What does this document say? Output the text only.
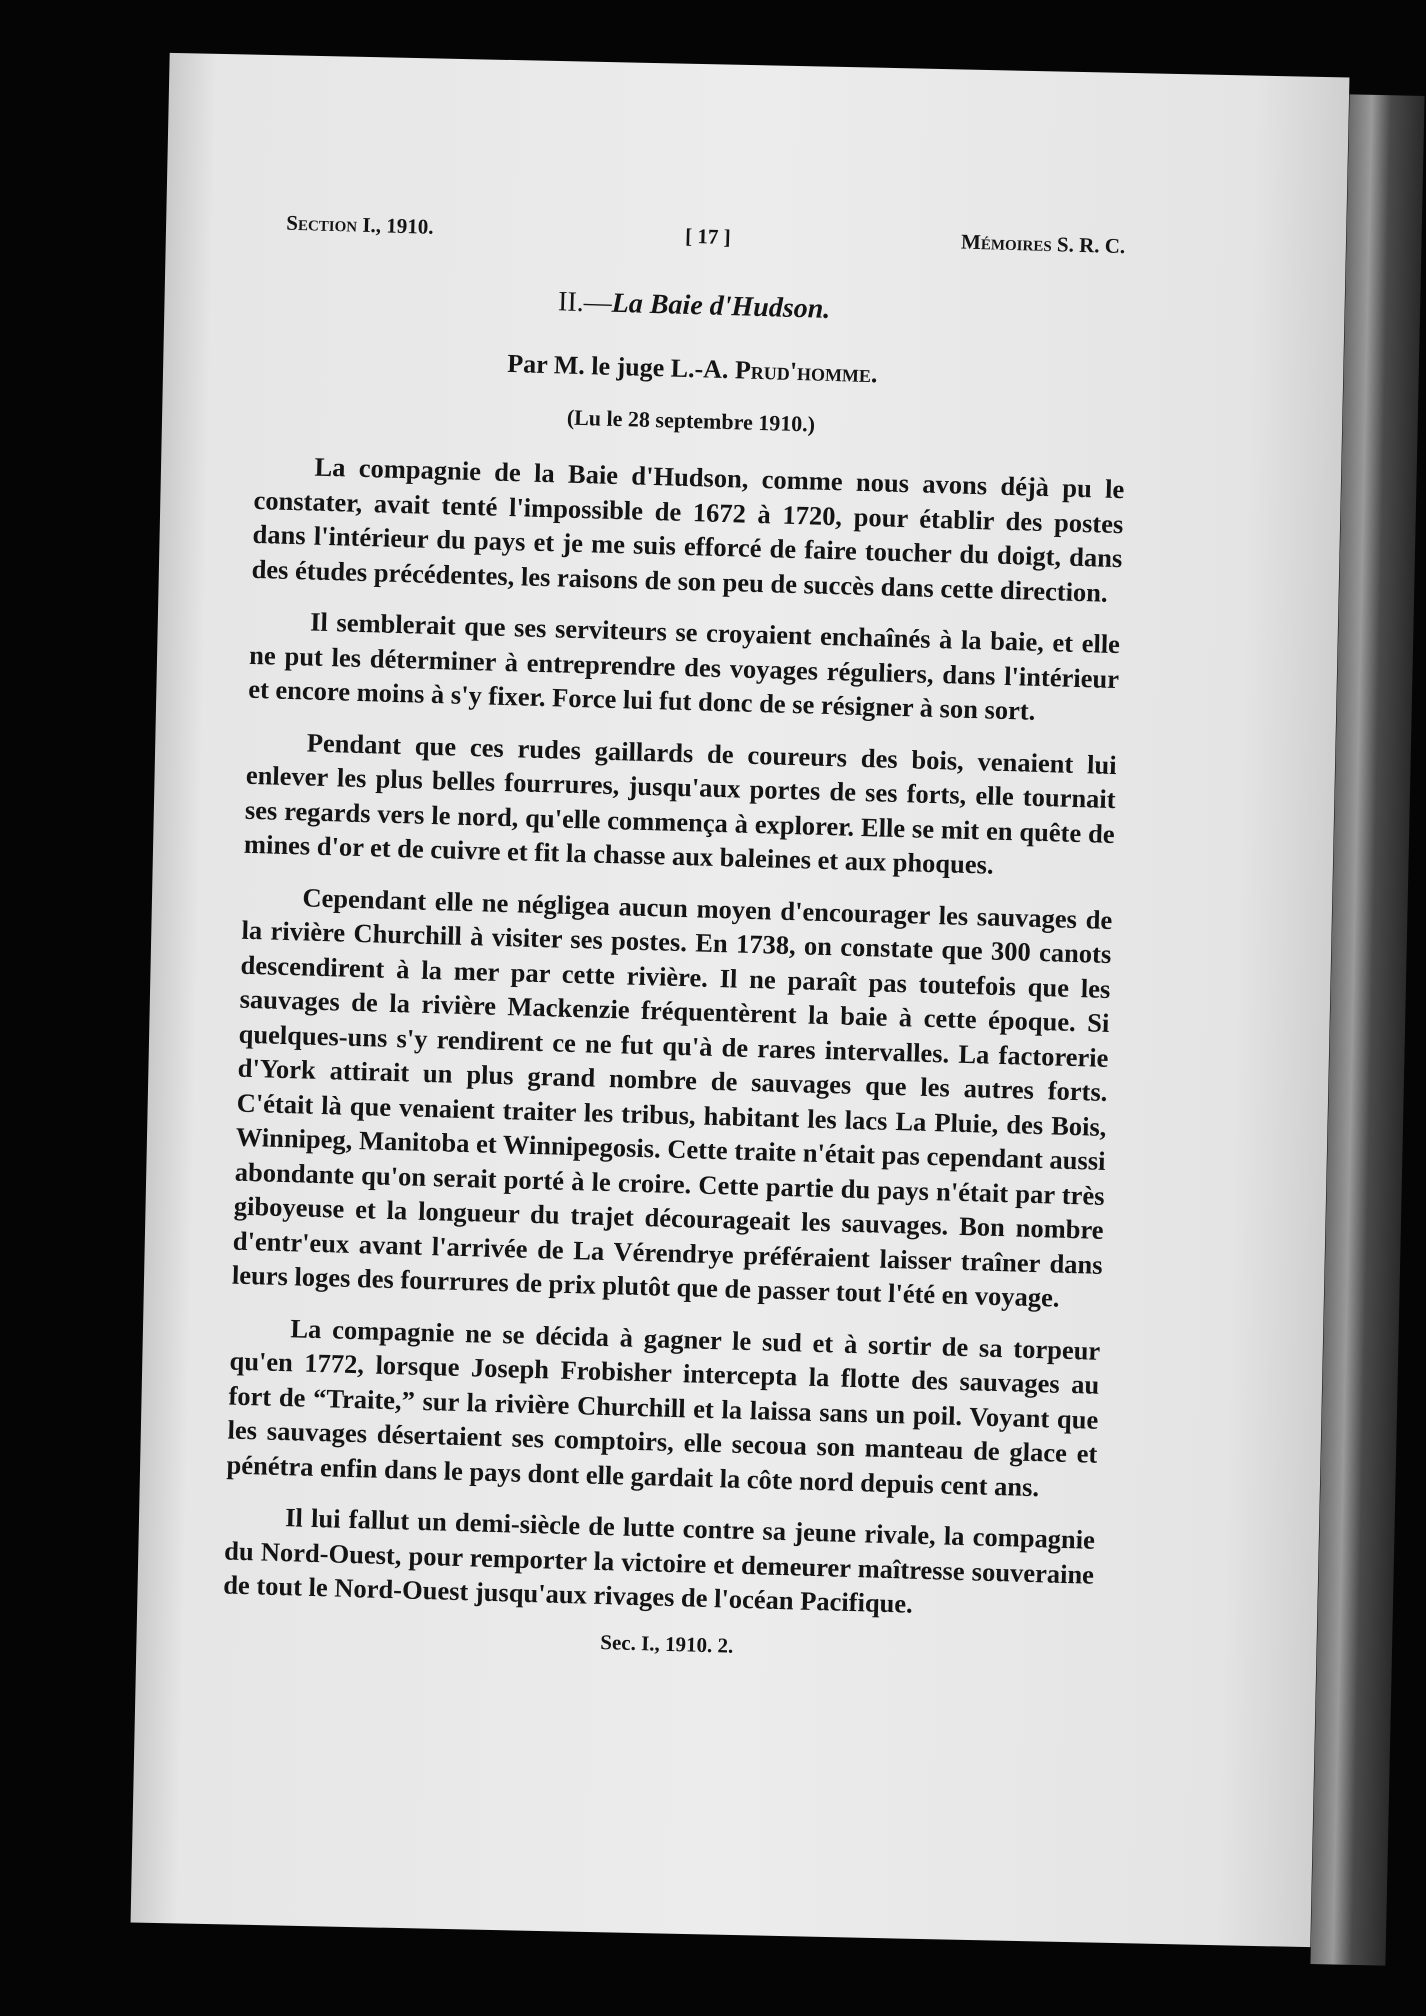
Section I., 1910.	[ 17 ]	Mémoires S. R. C.
II.—La Baie d'Hudson.
Par M. le juge L.-A. Prud'homme.
(Lu le 28 septembre 1910.)

La compagnie de la Baie d'Hudson, comme nous avons déjà pu le constater, avait tenté l'impossible de 1672 à 1720, pour établir des postes dans l'intérieur du pays et je me suis efforcé de faire toucher du doigt, dans des études précédentes, les raisons de son peu de succès dans cette direction.

Il semblerait que ses serviteurs se croyaient enchaînés à la baie, et elle ne put les déterminer à entreprendre des voyages réguliers, dans l'intérieur et encore moins à s'y fixer. Force lui fut donc de se résigner à son sort.

Pendant que ces rudes gaillards de coureurs des bois, venaient lui enlever les plus belles fourrures, jusqu'aux portes de ses forts, elle tournait ses regards vers le nord, qu'elle commença à explorer. Elle se mit en quête de mines d'or et de cuivre et fit la chasse aux baleines et aux phoques.

Cependant elle ne négligea aucun moyen d'encourager les sauvages de la rivière Churchill à visiter ses postes. En 1738, on constate que 300 canots descendirent à la mer par cette rivière. Il ne paraît pas toutefois que les sauvages de la rivière Mackenzie fréquentèrent la baie à cette époque. Si quelques-uns s'y rendirent ce ne fut qu'à de rares intervalles. La factorerie d'York attirait un plus grand nombre de sauvages que les autres forts. C'était là que venaient traiter les tribus, habitant les lacs La Pluie, des Bois, Winnipeg, Manitoba et Winnipegosis. Cette traite n'était pas cependant aussi abondante qu'on serait porté à le croire. Cette partie du pays n'était par très giboyeuse et la longueur du trajet décourageait les sauvages. Bon nombre d'entr'eux avant l'arrivée de La Vérendrye préféraient laisser traîner dans leurs loges des fourrures de prix plutôt que de passer tout l'été en voyage.

La compagnie ne se décida à gagner le sud et à sortir de sa torpeur qu'en 1772, lorsque Joseph Frobisher intercepta la flotte des sauvages au fort de “Traite,” sur la rivière Churchill et la laissa sans un poil. Voyant que les sauvages désertaient ses comptoirs, elle secoua son manteau de glace et pénétra enfin dans le pays dont elle gardait la côte nord depuis cent ans.

Il lui fallut un demi-siècle de lutte contre sa jeune rivale, la compagnie du Nord-Ouest, pour remporter la victoire et demeurer maîtresse souveraine de tout le Nord-Ouest jusqu'aux rivages de l'océan Pacifique.

Sec. I., 1910. 2.
